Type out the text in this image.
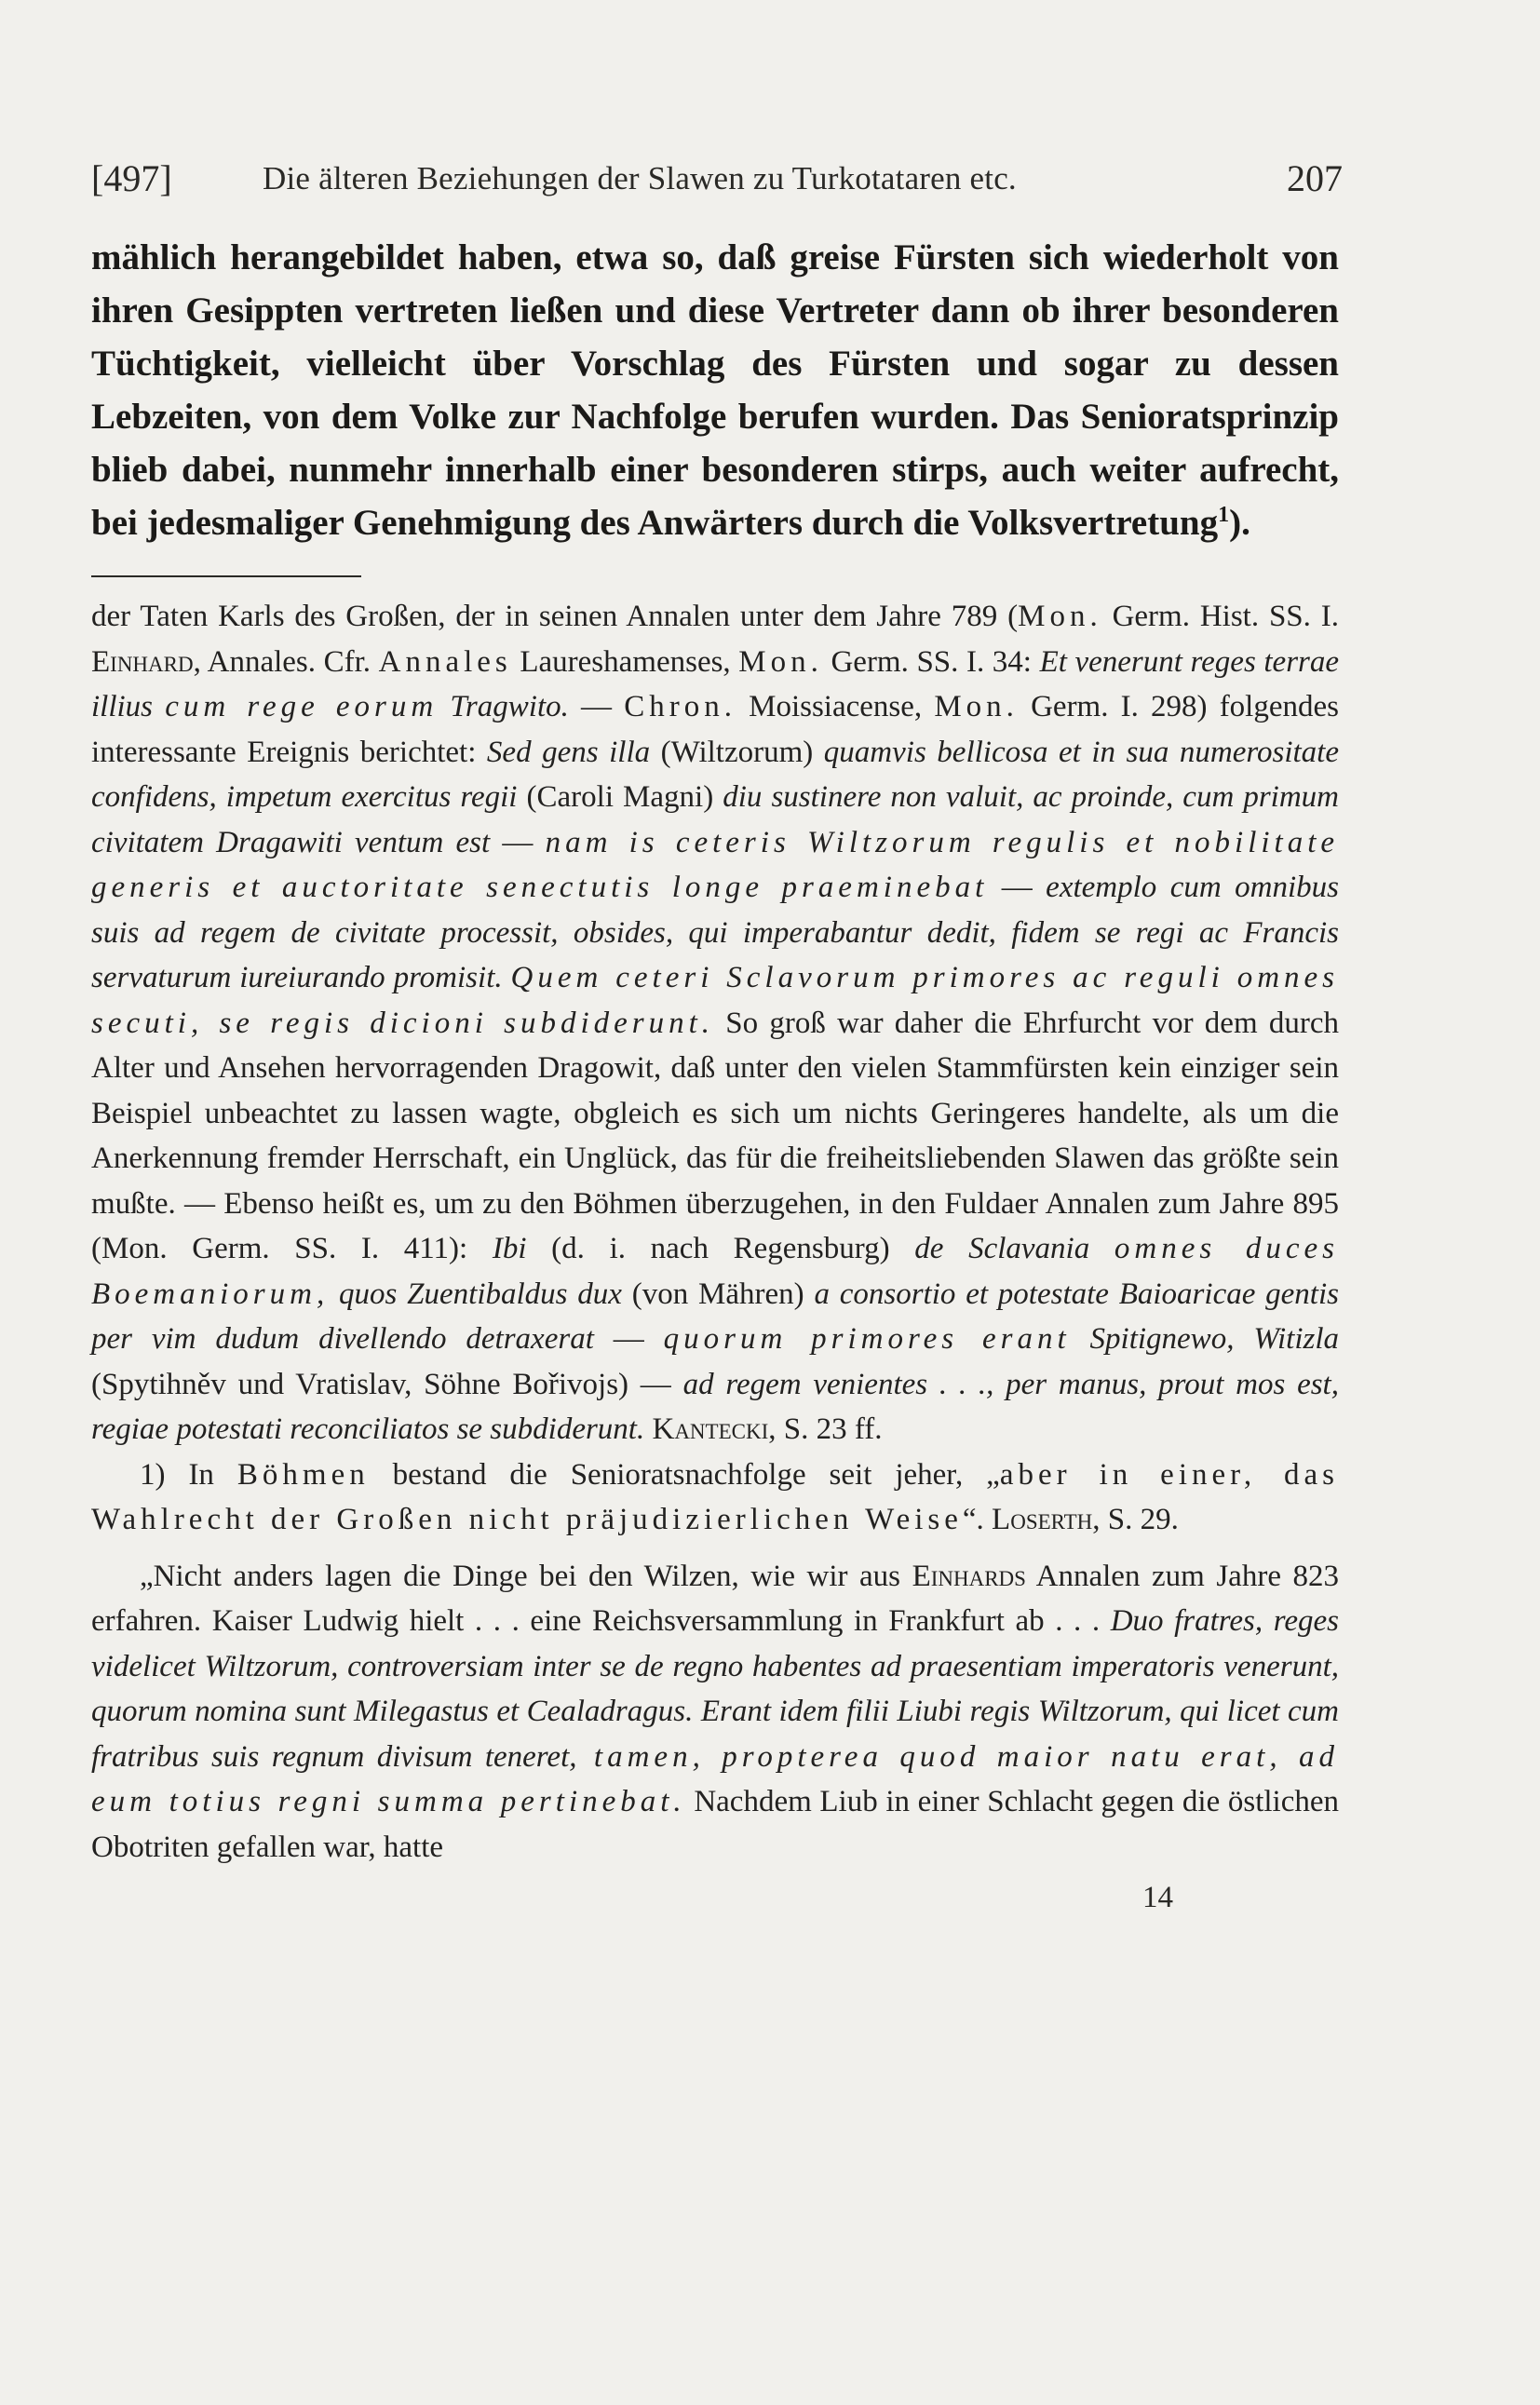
[497]	Die älteren Beziehungen der Slawen zu Turkotataren etc.	207

mählich herangebildet haben, etwa so, daß greise Fürsten sich wiederholt von ihren Gesippten vertreten ließen und diese Vertreter dann ob ihrer besonderen Tüchtigkeit, vielleicht über Vorschlag des Fürsten und sogar zu dessen Lebzeiten, von dem Volke zur Nachfolge berufen wurden. Das Senioratsprinzip blieb dabei, nunmehr innerhalb einer besonderen stirps, auch weiter aufrecht, bei jedesmaliger Genehmigung des Anwärters durch die Volksvertretung$^1$).

der Taten Karls des Großen, der in seinen Annalen unter dem Jahre 789 (Mon. Germ. Hist. SS. I. Einhard, Annales. Cfr. Annales Laureshamenses, Mon. Germ. SS. I. 34: Et venerunt reges terrae illius cum rege eorum Tragwito. — Chron. Moissiacense, Mon. Germ. I. 298) folgendes interessante Ereignis berichtet: Sed gens illa (Wiltzorum) quamvis bellicosa et in sua numerositate confidens, impetum exercitus regii (Caroli Magni) diu sustinere non valuit, ac proinde, cum primum civitatem Dragawiti ventum est — nam is ceteris Wiltzorum regulis et nobilitate generis et auctoritate senectutis longe praeminebat — extemplo cum omnibus suis ad regem de civitate processit, obsides, qui imperabantur dedit, fidem se regi ac Francis servaturum iureiurando promisit. Quem ceteri Sclavorum primores ac reguli omnes secuti, se regis dicioni subdiderunt. So groß war daher die Ehrfurcht vor dem durch Alter und Ansehen hervorragenden Dragowit, daß unter den vielen Stammfürsten kein einziger sein Beispiel unbeachtet zu lassen wagte, obgleich es sich um nichts Geringeres handelte, als um die Anerkennung fremder Herrschaft, ein Unglück, das für die freiheitsliebenden Slawen das größte sein mußte. — Ebenso heißt es, um zu den Böhmen überzugehen, in den Fuldaer Annalen zum Jahre 895 (Mon. Germ. SS. I. 411): Ibi (d. i. nach Regensburg) de Sclavania omnes duces Boemaniorum, quos Zuentibaldus dux (von Mähren) a consortio et potestate Baioaricae gentis per vim dudum divellendo detraxerat — quorum primores erant Spitignewo, Witizla (Spytihněv und Vratislav, Söhne Bořivojs) — ad regem venientes . . ., per manus, prout mos est, regiae potestati reconciliatos se subdiderunt. Kantecki, S. 23 ff.

1) In Böhmen bestand die Senioratsnachfolge seit jeher, „aber in einer, das Wahlrecht der Großen nicht präjudizierlichen Weise“. Loserth, S. 29.

„Nicht anders lagen die Dinge bei den Wilzen, wie wir aus Einhards Annalen zum Jahre 823 erfahren. Kaiser Ludwig hielt . . . eine Reichsversammlung in Frankfurt ab . . . Duo fratres, reges videlicet Wiltzorum, controversiam inter se de regno habentes ad praesentiam imperatoris venerunt, quorum nomina sunt Milegastus et Cealadragus. Erant idem filii Liubi regis Wiltzorum, qui licet cum fratribus suis regnum divisum teneret, tamen, propterea quod maior natu erat, ad eum totius regni summa pertinebat. Nachdem Liub in einer Schlacht gegen die östlichen Obotriten gefallen war, hatte

14
